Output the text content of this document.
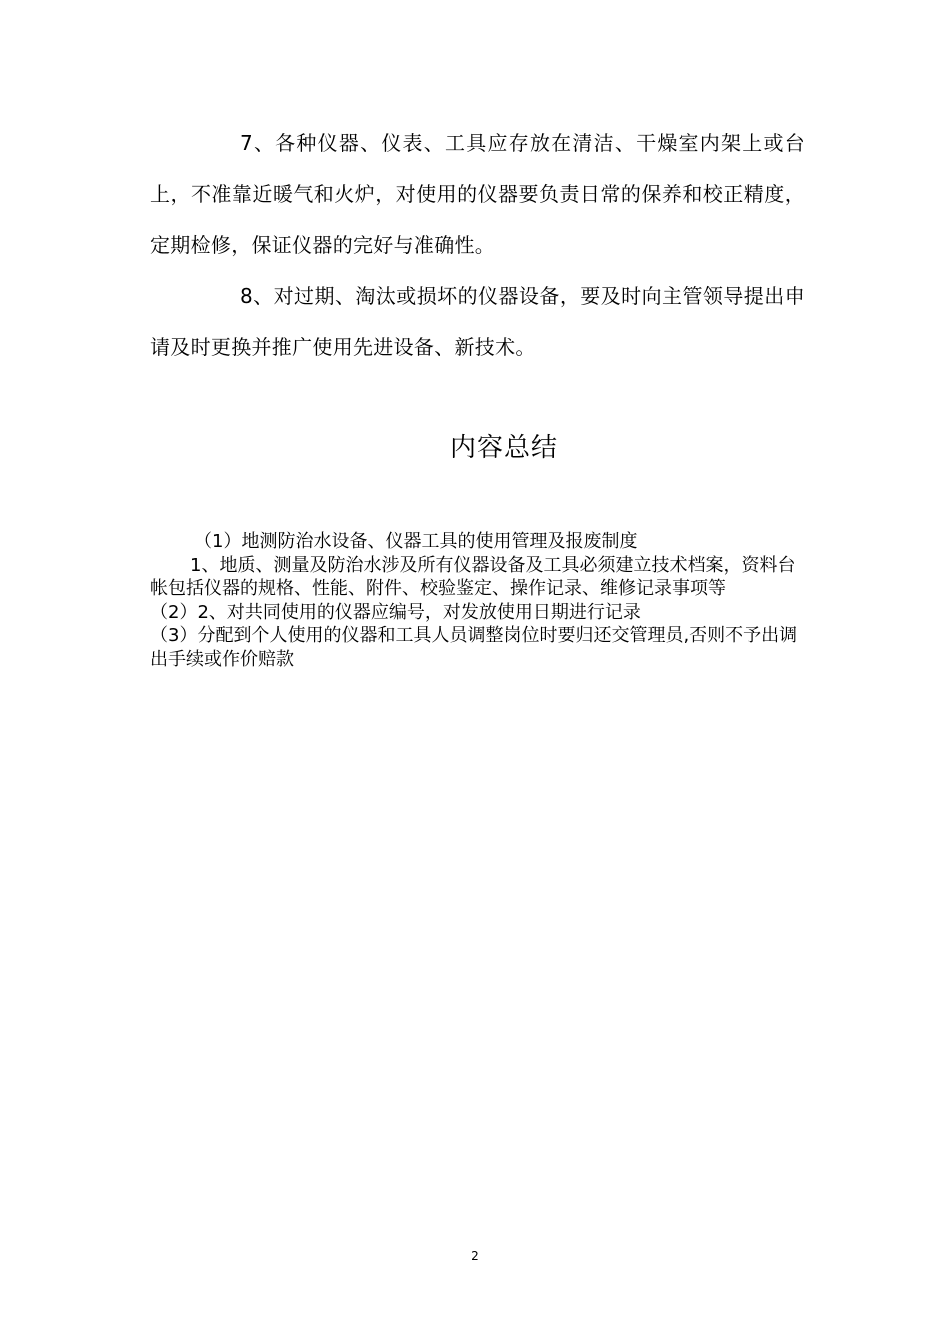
7、各种仪器、仪表、工具应存放在清洁、干燥室内架上或台上，不准靠近暖气和火炉，对使用的仪器要负责日常的保养和校正精度，定期检修，保证仪器的完好与准确性。

8、对过期、淘汰或损坏的仪器设备，要及时向主管领导提出申请及时更换并推广使用先进设备、新技术。

内容总结

（1）地测防治水设备、仪器工具的使用管理及报废制度

1、地质、测量及防治水涉及所有仪器设备及工具必须建立技术档案，资料台帐包括仪器的规格、性能、附件、校验鉴定、操作记录、维修记录事项等

（2）2、对共同使用的仪器应编号，对发放使用日期进行记录

（3）分配到个人使用的仪器和工具人员调整岗位时要归还交管理员,否则不予出调出手续或作价赔款

2
